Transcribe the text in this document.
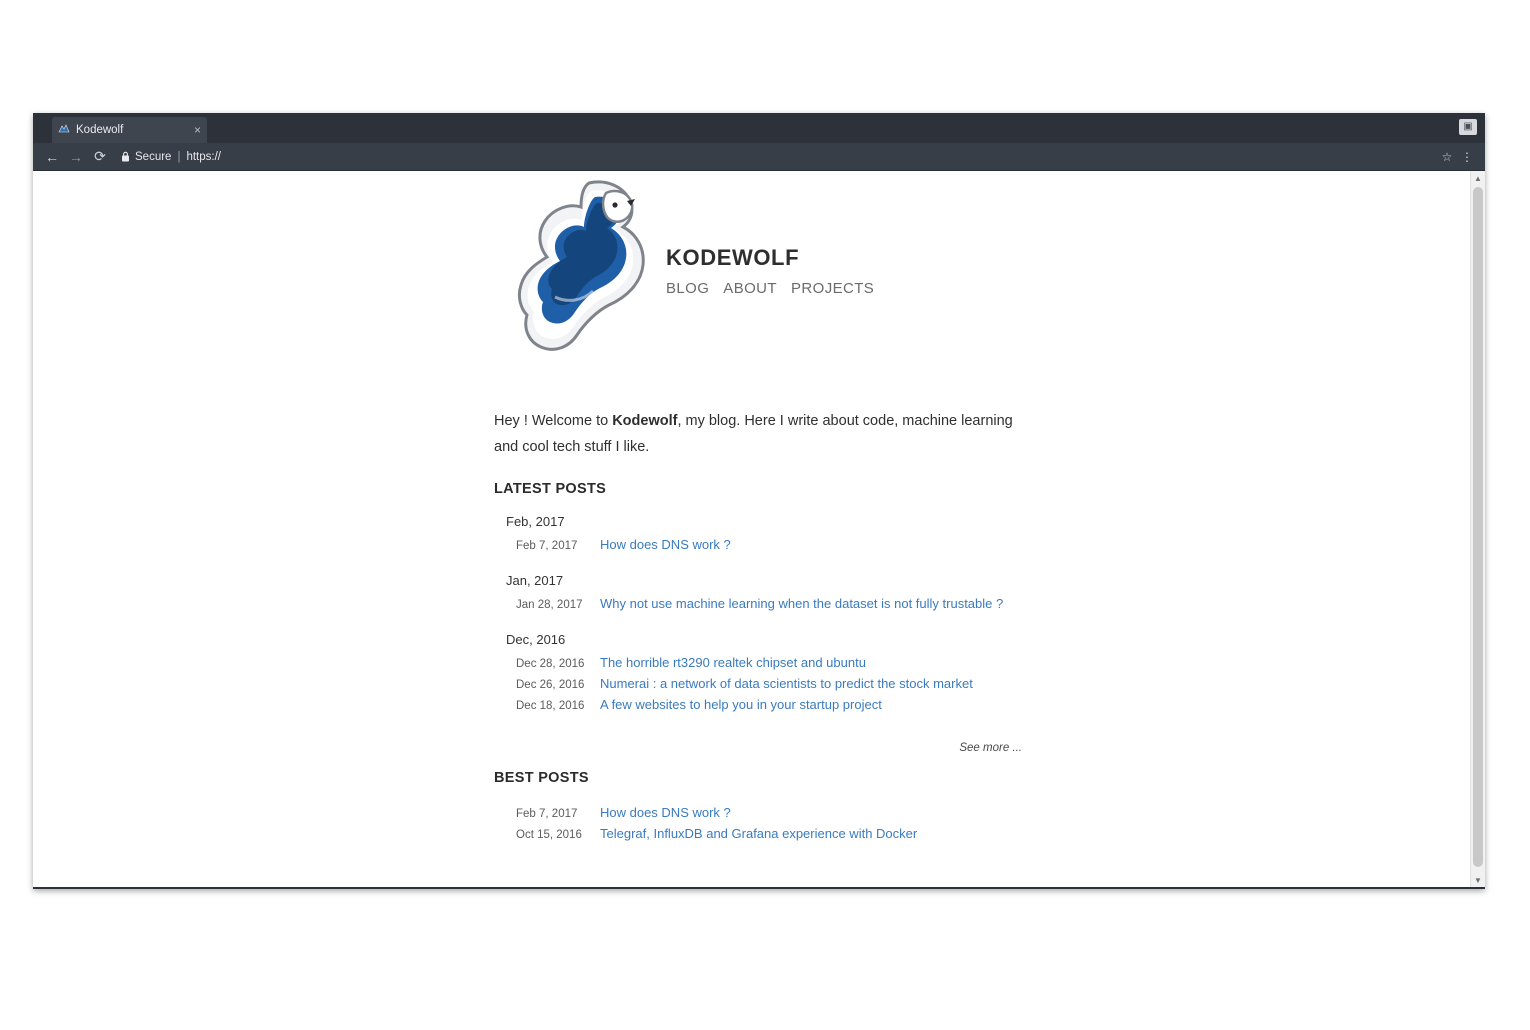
Kodewolf	×	▣
← → ⟳	Secure | https://	☆ ⋮
KODEWOLF
BLOG ABOUT PROJECTS

Hey ! Welcome to Kodewolf, my blog. Here I write about code, machine learning and cool tech stuff I like.

LATEST POSTS
Feb, 2017
Feb 7, 2017	How does DNS work ?
Jan, 2017
Jan 28, 2017	Why not use machine learning when the dataset is not fully trustable ?
Dec, 2016
Dec 28, 2016	The horrible rt3290 realtek chipset and ubuntu
Dec 26, 2016	Numerai : a network of data scientists to predict the stock market
Dec 18, 2016	A few websites to help you in your startup project
See more ...
BEST POSTS
Feb 7, 2017	How does DNS work ?
Oct 15, 2016	Telegraf, InfluxDB and Grafana experience with Docker
▲
▼
